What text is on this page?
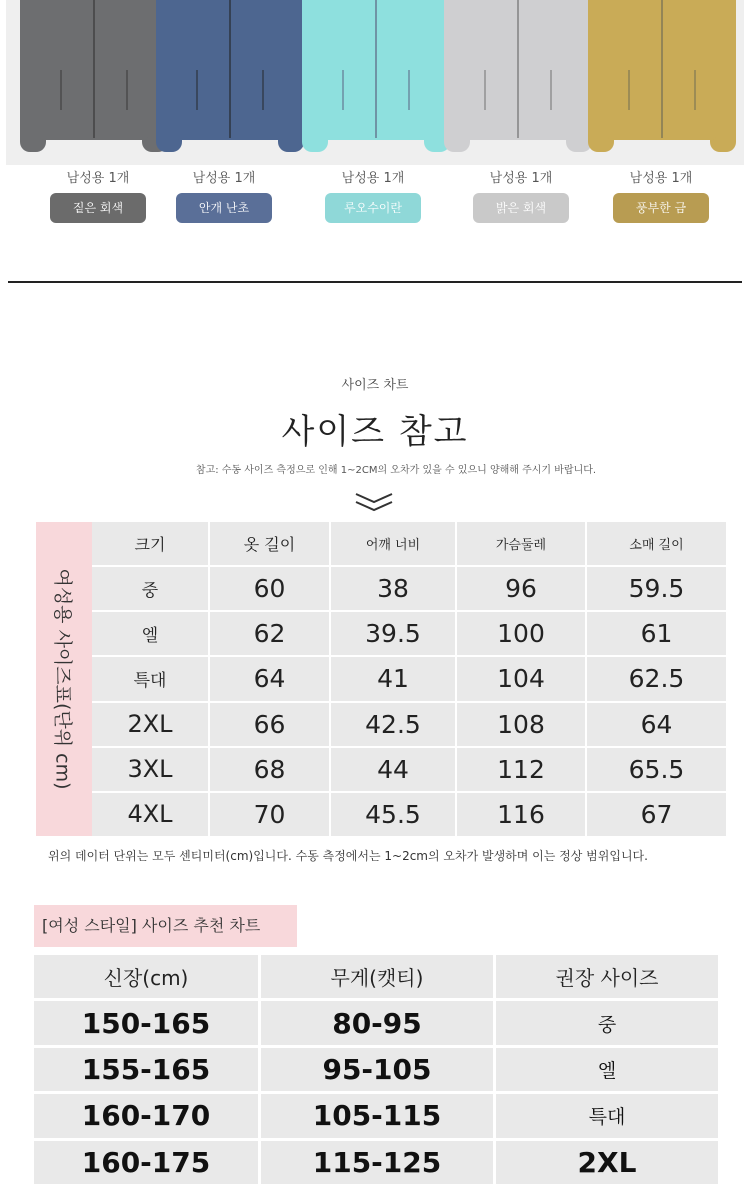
남성용 1개
짙은 회색
남성용 1개
안개 난초
남성용 1개
루오수이란
남성용 1개
밝은 회색
남성용 1개
풍부한 금
사이즈 차트
사이즈 참고
참고: 수동 사이즈 측정으로 인해 1~2CM의 오차가 있을 수 있으니 양해해 주시기 바랍니다.
여성용 사이즈표(단위 cm)
크기	옷 길이	어깨 너비	가슴둘레	소매 길이
중	60	38	96	59.5
엘	62	39.5	100	61
특대	64	41	104	62.5
2XL	66	42.5	108	64
3XL	68	44	112	65.5
4XL	70	45.5	116	67
위의 데이터 단위는 모두 센티미터(cm)입니다. 수동 측정에서는 1~2cm의 오차가 발생하며 이는 정상 범위입니다.
[여성 스타일] 사이즈 추천 차트
신장(cm)	무게(캣티)	권장 사이즈
150-165	80-95	중
155-165	95-105	엘
160-170	105-115	특대
160-175	115-125	2XL
